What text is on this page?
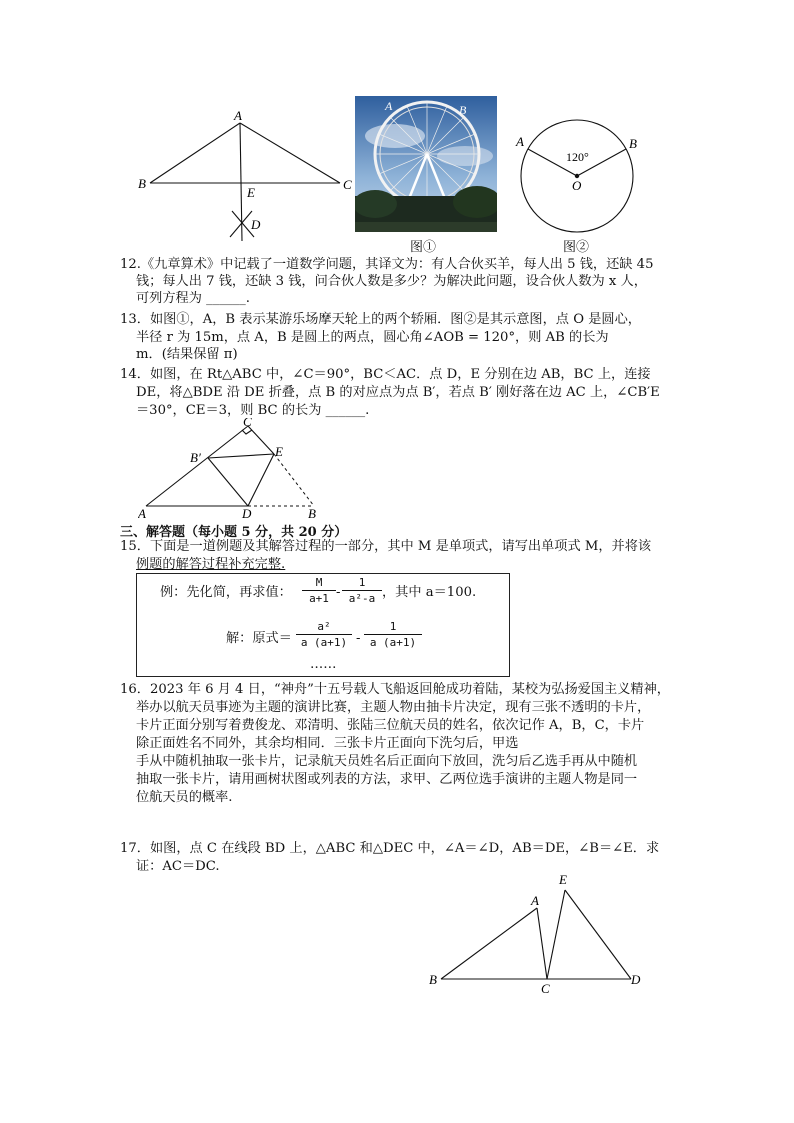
A
B	C
E
D
A	B
图①
A	B
O
120°
图②
12.《九章算术》中记载了一道数学问题，其译文为：有人合伙买羊，每人出 5 钱，还缺 45
钱；每人出 7 钱，还缺 3 钱，问合伙人数是多少？为解决此问题，设合伙人数为 x 人，
可列方程为 ______.
13．如图①，A，B 表示某游乐场摩天轮上的两个轿厢．图②是其示意图，点 O 是圆心，
半径 r 为 15m，点 A，B 是圆上的两点，圆心角∠AOB = 120°，则 AB 的长为
m．(结果保留 π)
14．如图，在 Rt△ABC 中，∠C＝90°，BC＜AC．点 D，E 分别在边 AB，BC 上，连接
DE，将△BDE 沿 DE 折叠，点 B 的对应点为点 B′，若点 B′ 刚好落在边 AC 上，∠CB′E
＝30°，CE＝3，则 BC 的长为 ______.
C
B′	E
A	D	B
三、解答题（每小题 5 分，共 20 分）
15．下面是一道例题及其解答过程的一部分，其中 M 是单项式，请写出单项式 M，并将该
例题的解答过程补充完整.
例：先化简，再求值：
M
a+1 -
1
a²-a ，其中 a＝100.
解：原式＝
a²
a (a+1) -
1
a (a+1)
……
16．2023 年 6 月 4 日，“神舟”十五号载人飞船返回舱成功着陆，某校为弘扬爱国主义精神，
举办以航天员事迹为主题的演讲比赛，主题人物由抽卡片决定，现有三张不透明的卡片，
卡片正面分别写着费俊龙、邓清明、张陆三位航天员的姓名，依次记作 A，B，C，卡片
除正面姓名不同外，其余均相同．三张卡片正面向下洗匀后，甲选
手从中随机抽取一张卡片，记录航天员姓名后正面向下放回，洗匀后乙选手再从中随机
抽取一张卡片，请用画树状图或列表的方法，求甲、乙两位选手演讲的主题人物是同一
位航天员的概率.
17．如图，点 C 在线段 BD 上，△ABC 和△DEC 中，∠A＝∠D，AB＝DE，∠B＝∠E．求
证：AC＝DC.
A
E
B
C
D
